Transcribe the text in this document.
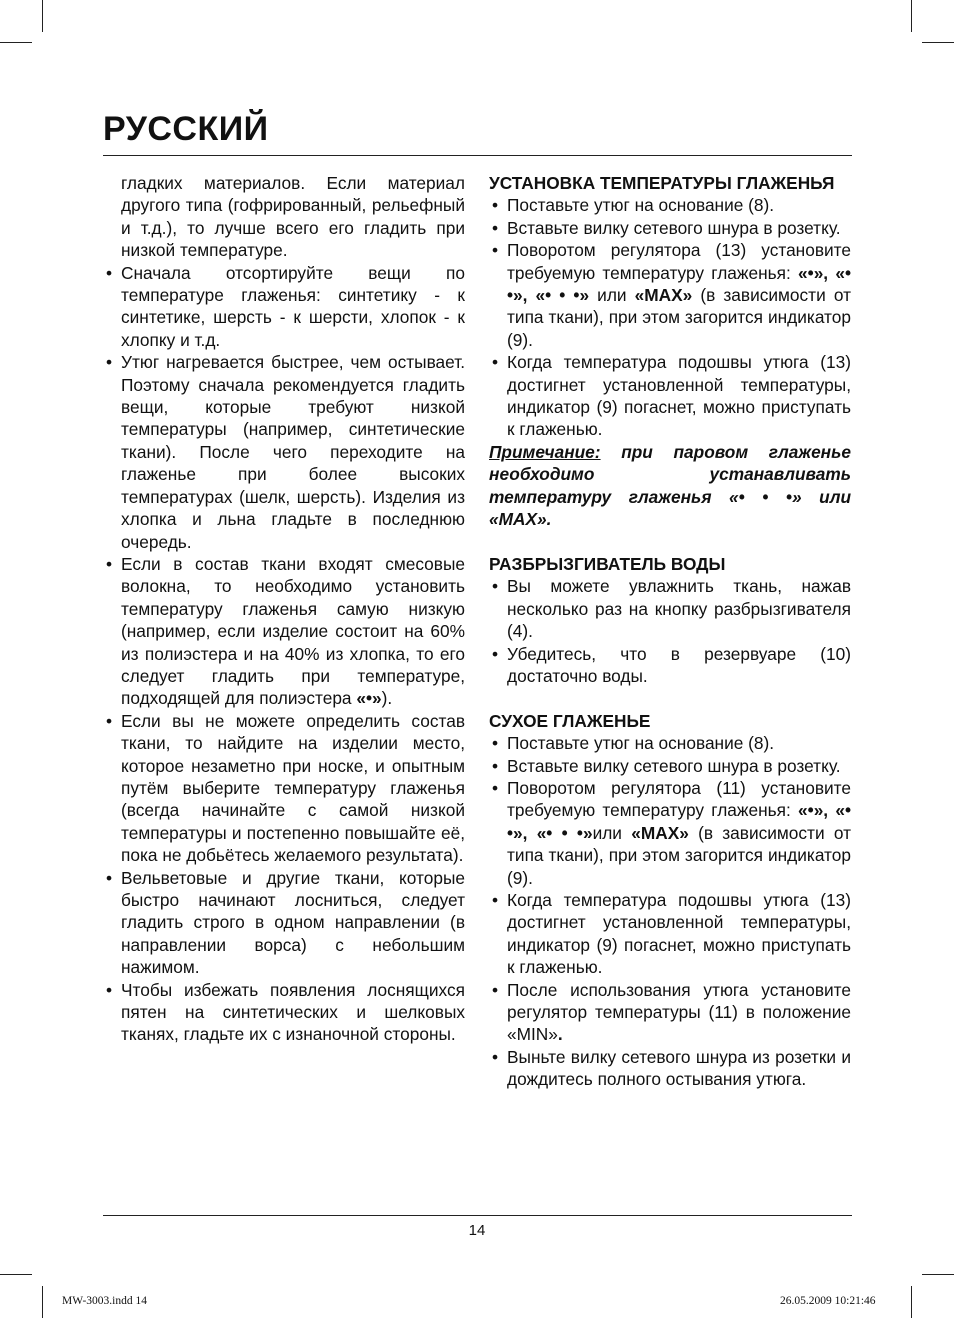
РУССКИЙ

гладких материалов. Если материал другого типа (гофрированный, рельефный и т.д.), то лучше всего его гладить при низкой температуре.

• Сначала отсортируйте вещи по температуре глаженья: синтетику - к синтетике, шерсть - к шерсти, хлопок - к хлопку и т.д.
• Утюг нагревается быстрее, чем остывает. Поэтому сначала рекомендуется гладить вещи, которые требуют низкой температуры (например, синтетические ткани). После чего переходите на глаженье при более высоких температурах (шелк, шерсть). Изделия из хлопка и льна гладьте в последнюю очередь.
• Если в состав ткани входят смесовые волокна, то необходимо установить температуру глаженья самую низкую (например, если изделие состоит на 60% из полиэстера и на 40% из хлопка, то его следует гладить при температуре, подходящей для полиэстера «•»).
• Если вы не можете определить состав ткани, то найдите на изделии место, которое незаметно при носке, и опытным путём выберите температуру глаженья (всегда начинайте с самой низкой температуры и постепенно повышайте её, пока не добьётесь желаемого результата).
• Вельветовые и другие ткани, которые быстро начинают лосниться, следует гладить строго в одном направлении (в направлении ворса) с небольшим нажимом.
• Чтобы избежать появления лоснящихся пятен на синтетических и шелковых тканях, гладьте их с изнаночной стороны.

УСТАНОВКА ТЕМПЕРАТУРЫ ГЛАЖЕНЬЯ

• Поставьте утюг на основание (8).
• Вставьте вилку сетевого шнура в розетку.
• Поворотом регулятора (13) установите требуемую температуру глаженья: «•», «• •», «• • •» или «MAX» (в зависимости от типа ткани), при этом загорится индикатор (9).
• Когда температура подошвы утюга (13) достигнет установленной температуры, индикатор (9) погаснет, можно приступать к глаженью.

Примечание: при паровом глаженье необходимо устанавливать температуру глаженья «• • •» или «MAX».

РАЗБРЫЗГИВАТЕЛЬ ВОДЫ

• Вы можете увлажнить ткань, нажав несколько раз на кнопку разбрызгивателя (4).
• Убедитесь, что в резервуаре (10) достаточно воды.

СУХОЕ ГЛАЖЕНЬЕ

• Поставьте утюг на основание (8).
• Вставьте вилку сетевого шнура в розетку.
• Поворотом регулятора (11) установите требуемую температуру глаженья: «•», «• •», «• • •»или «MAX» (в зависимости от типа ткани), при этом загорится индикатор (9).
• Когда температура подошвы утюга (13) достигнет установленной температуры, индикатор (9) погаснет, можно приступать к глаженью.
• После использования утюга установите регулятор температуры (11) в положение «MIN».
• Выньте вилку сетевого шнура из розетки и дождитесь полного остывания утюга.
14
MW-3003.indd 14	26.05.2009 10:21:46
